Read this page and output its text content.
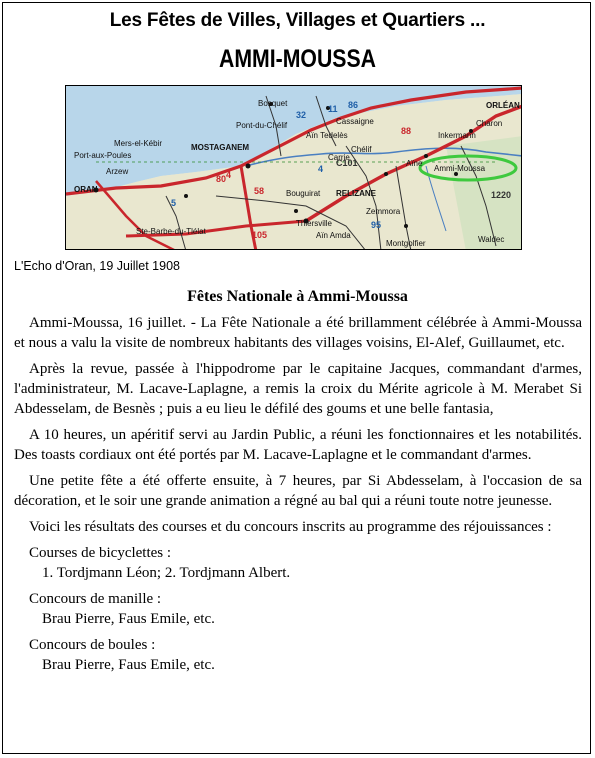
Les Fêtes de Villes, Villages et Quartiers ...
AMMI-MOUSSA
Bosquet
Cassaigne
Pont-du-Chélif
Aïn Tedelès
MOSTAGANEM
Inkermann
Charon
ORLÉAN
Ammi-Moussa
Arzew
ORAN	Bouguirat RELIZANE
Zemmora
Montgolfier
Ste-Barbe-du-Tlélat
Port-aux-Poules
Mers-el-Kébir
Chélif
Waldec
Thiersville
Aïn Amda
Aïne
Carrie
32
86
11
4
80
58
105
4
95
88
1220
C101
5
L'Echo d'Oran, 19 Juillet 1908
Fêtes Nationale à Ammi-Moussa

Ammi-Moussa, 16 juillet. - La Fête Nationale a été brillamment célébrée à Ammi-Moussa et nous a valu la visite de nombreux habitants des villages voisins, El-Alef, Guillaumet, etc.

Après la revue, passée à l'hippodrome par le capitaine Jacques, commandant d'armes, l'administrateur, M. Lacave-Laplagne, a remis la croix du Mérite agricole à M. Merabet Si Abdesselam, de Besnès ; puis a eu lieu le défilé des goums et une belle fantasia,

A 10 heures, un apéritif servi au Jardin Public, a réuni les fonctionnaires et les notabilités. Des toasts cordiaux ont été portés par M. Lacave-Laplagne et le commandant d'armes.

Une petite fête a été offerte ensuite, à 7 heures, par Si Abdesselam, à l'occasion de sa décoration, et le soir une grande animation a régné au bal qui a réuni toute notre jeunesse.

Voici les résultats des courses et du concours inscrits au programme des réjouissances :

Courses de bicyclettes :

1. Tordjmann Léon; 2. Tordjmann Albert.

Concours de manille :

Brau Pierre, Faus Emile, etc.

Concours de boules :

Brau Pierre, Faus Emile, etc.
